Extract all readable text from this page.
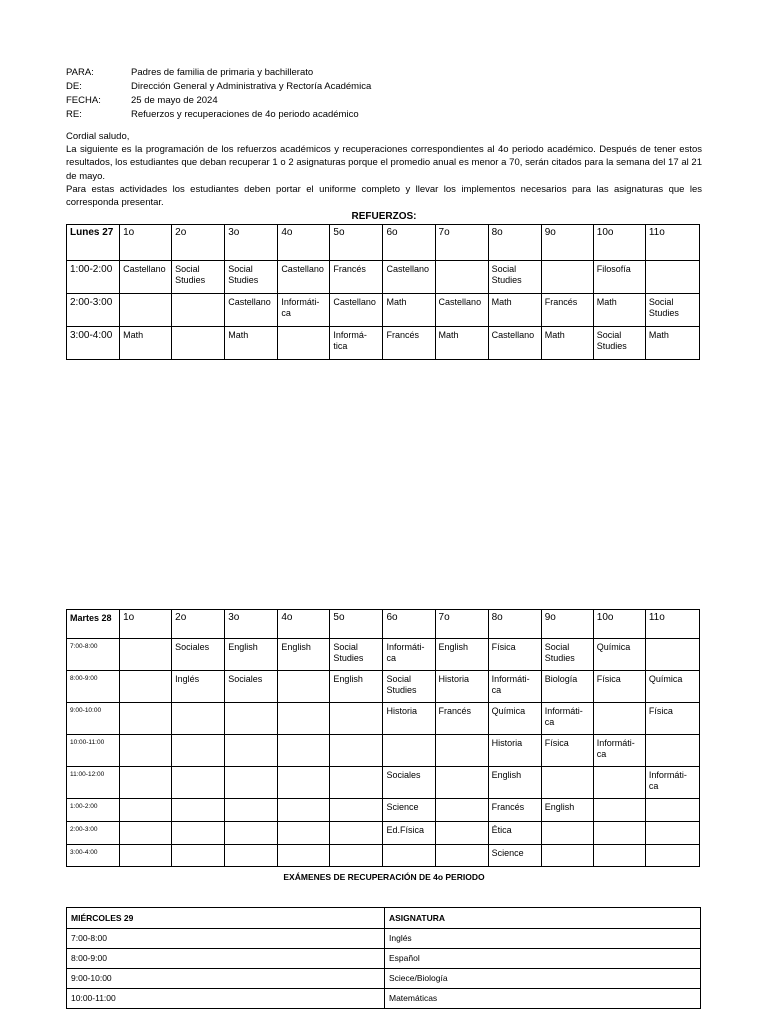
PARA:	Padres de familia de primaria y bachillerato
DE:	Dirección General y Administrativa y Rectoría Académica
FECHA:	25 de mayo de 2024
RE:	Refuerzos y recuperaciones de 4o periodo académico

Cordial saludo,

La siguiente es la programación de los refuerzos académicos y recuperaciones correspondientes al 4o periodo académico. Después de tener estos resultados, los estudiantes que deban recuperar 1 o 2 asignaturas porque el promedio anual es menor a 70, serán citados para la semana del 17 al 21 de mayo.

Para estas actividades los estudiantes deben portar el uniforme completo y llevar los implementos necesarios para las asignaturas que les corresponda presentar.

REFUERZOS:
Lunes 27	1o	2o	3o	4o	5o	6o	7o	8o	9o	10o	11o
1:00-2:00	Castellano	Social Studies	Social Studies	Castellano	Francés	Castellano		Social Studies		Filosofía	
2:00-3:00			Castellano	Informáti-ca	Castellano	Math	Castellano	Math	Francés	Math	Social Studies
3:00-4:00	Math		Math		Informá-tica	Francés	Math	Castellano	Math	Social Studies	Math
Martes 28	1o	2o	3o	4o	5o	6o	7o	8o	9o	10o	11o
7:00-8:00		Sociales	English	English	Social Studies	Informáti-ca	English	Física	Social Studies	Química	
8:00-9:00		Inglés	Sociales		English	Social Studies	Historia	Informáti-ca	Biología	Física	Química
9:00-10:00						Historia	Francés	Química	Informáti-ca		Física
10:00-11:00								Historia	Física	Informáti-ca	
11:00-12:00						Sociales		English			Informáti-ca
1:00-2:00						Science		Francés	English		
2:00-3:00						Ed.Física		Ética			
3:00-4:00								Science			
EXÁMENES DE RECUPERACIÓN DE 4o PERIODO
MIÉRCOLES 29	ASIGNATURA
7:00-8:00	Inglés
8:00-9:00	Español
9:00-10:00	Sciece/Biología
10:00-11:00	Matemáticas
